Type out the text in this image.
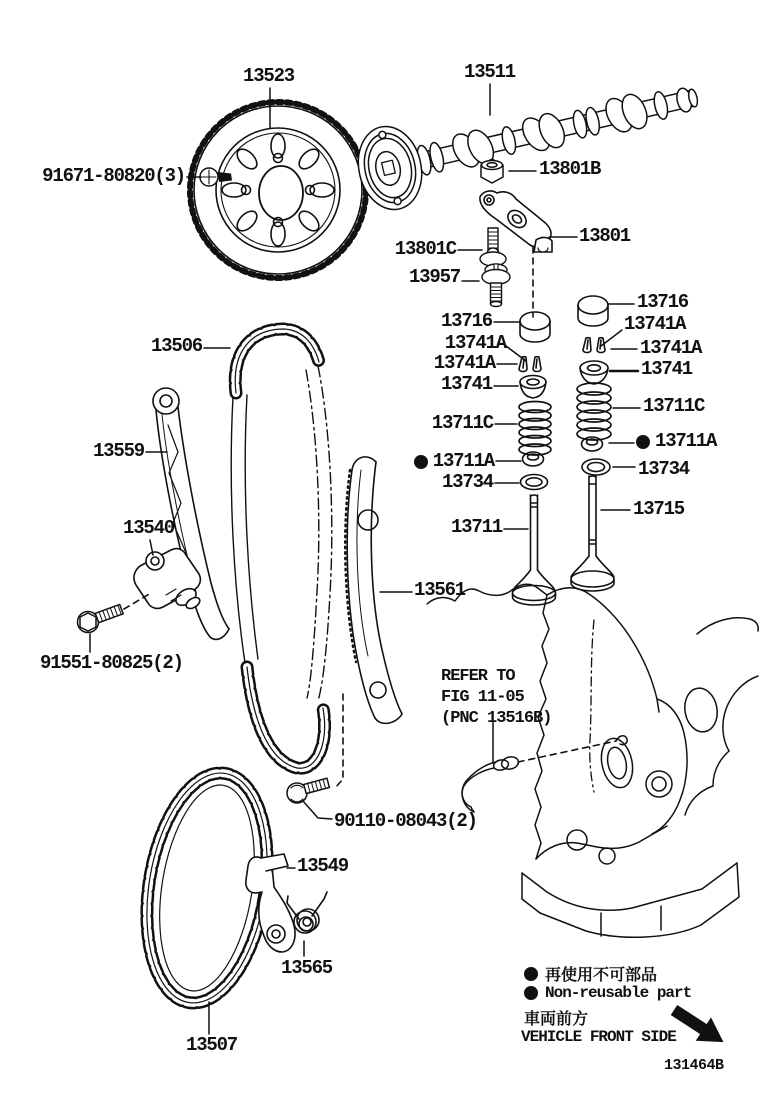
13523	13511
91671-80820(3)	13801B
13801C
13801
13957
13716
13741A
13741A
13741
13711C
13711A
13734
13711
13716
13741A
13741A
13741
13711C
13711A
13734
13715
13506
13559
13540
91551-80825(2)
13561
REFER TO
FIG 11-05
(PNC 13516B)
90110-08043(2)
13549
13565
13507
再使用不可部品
Non-reusable part
車両前方
VEHICLE FRONT SIDE
131464B
